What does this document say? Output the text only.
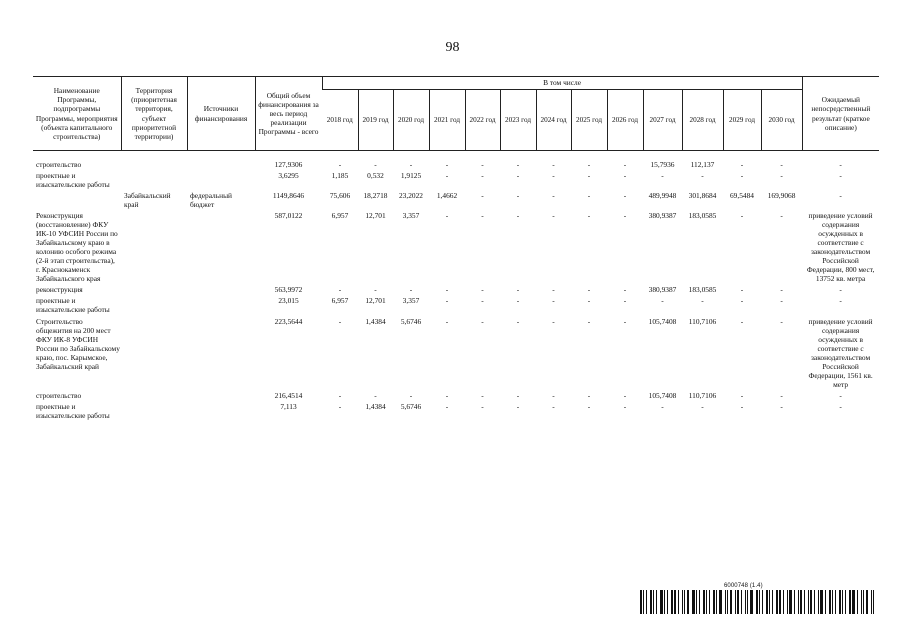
98
Наименование Программы, подпрограммы Программы, мероприятия (объекта капитального строительства)	Территория (приоритетная территория, субъект приоритетной территории)	Источники финансирования	Общий объем финансирования за весь период реализации Программы - всего	В том числе													Ожидаемый непосредственный результат (краткое описание)
				2018 год	2019 год	2020 год	2021 год	2022 год	2023 год	2024 год	2025 год	2026 год	2027 год	2028 год	2029 год	2030 год	

строительство			127,9306	-	-	-	-	-	-	-	-	-	15,7936	112,137	-	-	-
проектные и изыскательские работы			3,6295	1,185	0,532	1,9125	-	-	-	-	-	-	-	-	-	-	-
	Забайкальский край	федеральный бюджет	1149,8646	75,606	18,2718	23,2022	1,4662	-	-	-	-	-	489,9948	301,8684	69,5484	169,9068	-
Реконструкция (восстановление) ФКУ ИК-10 УФСИН России по Забайкальскому краю в колонию особого режима (2-й этап строительства), г. Краснокаменск Забайкальского края			587,0122	6,957	12,701	3,357	-	-	-	-	-	-	380,9387	183,0585	-	-	приведение условий содержания осужденных в соответствие с законодательством Российской Федерации, 800 мест, 13752 кв. метра
реконструкция			563,9972	-	-	-	-	-	-	-	-	-	380,9387	183,0585	-	-	-
проектные и изыскательские работы			23,015	6,957	12,701	3,357	-	-	-	-	-	-	-	-	-	-	-
Строительство общежития на 200 мест ФКУ ИК-8 УФСИН России по Забайкальскому краю, пос. Карымское, Забайкальский край			223,5644	-	1,4384	5,6746	-	-	-	-	-	-	105,7408	110,7106	-	-	приведение условий содержания осужденных в соответствие с законодательством Российской Федерации, 1561 кв. метр
строительство			216,4514	-	-	-	-	-	-	-	-	-	105,7408	110,7106	-	-	-
проектные и изыскательские работы			7,113	-	1,4384	5,6746	-	-	-	-	-	-	-	-	-	-	-
6000748 (1.4)
